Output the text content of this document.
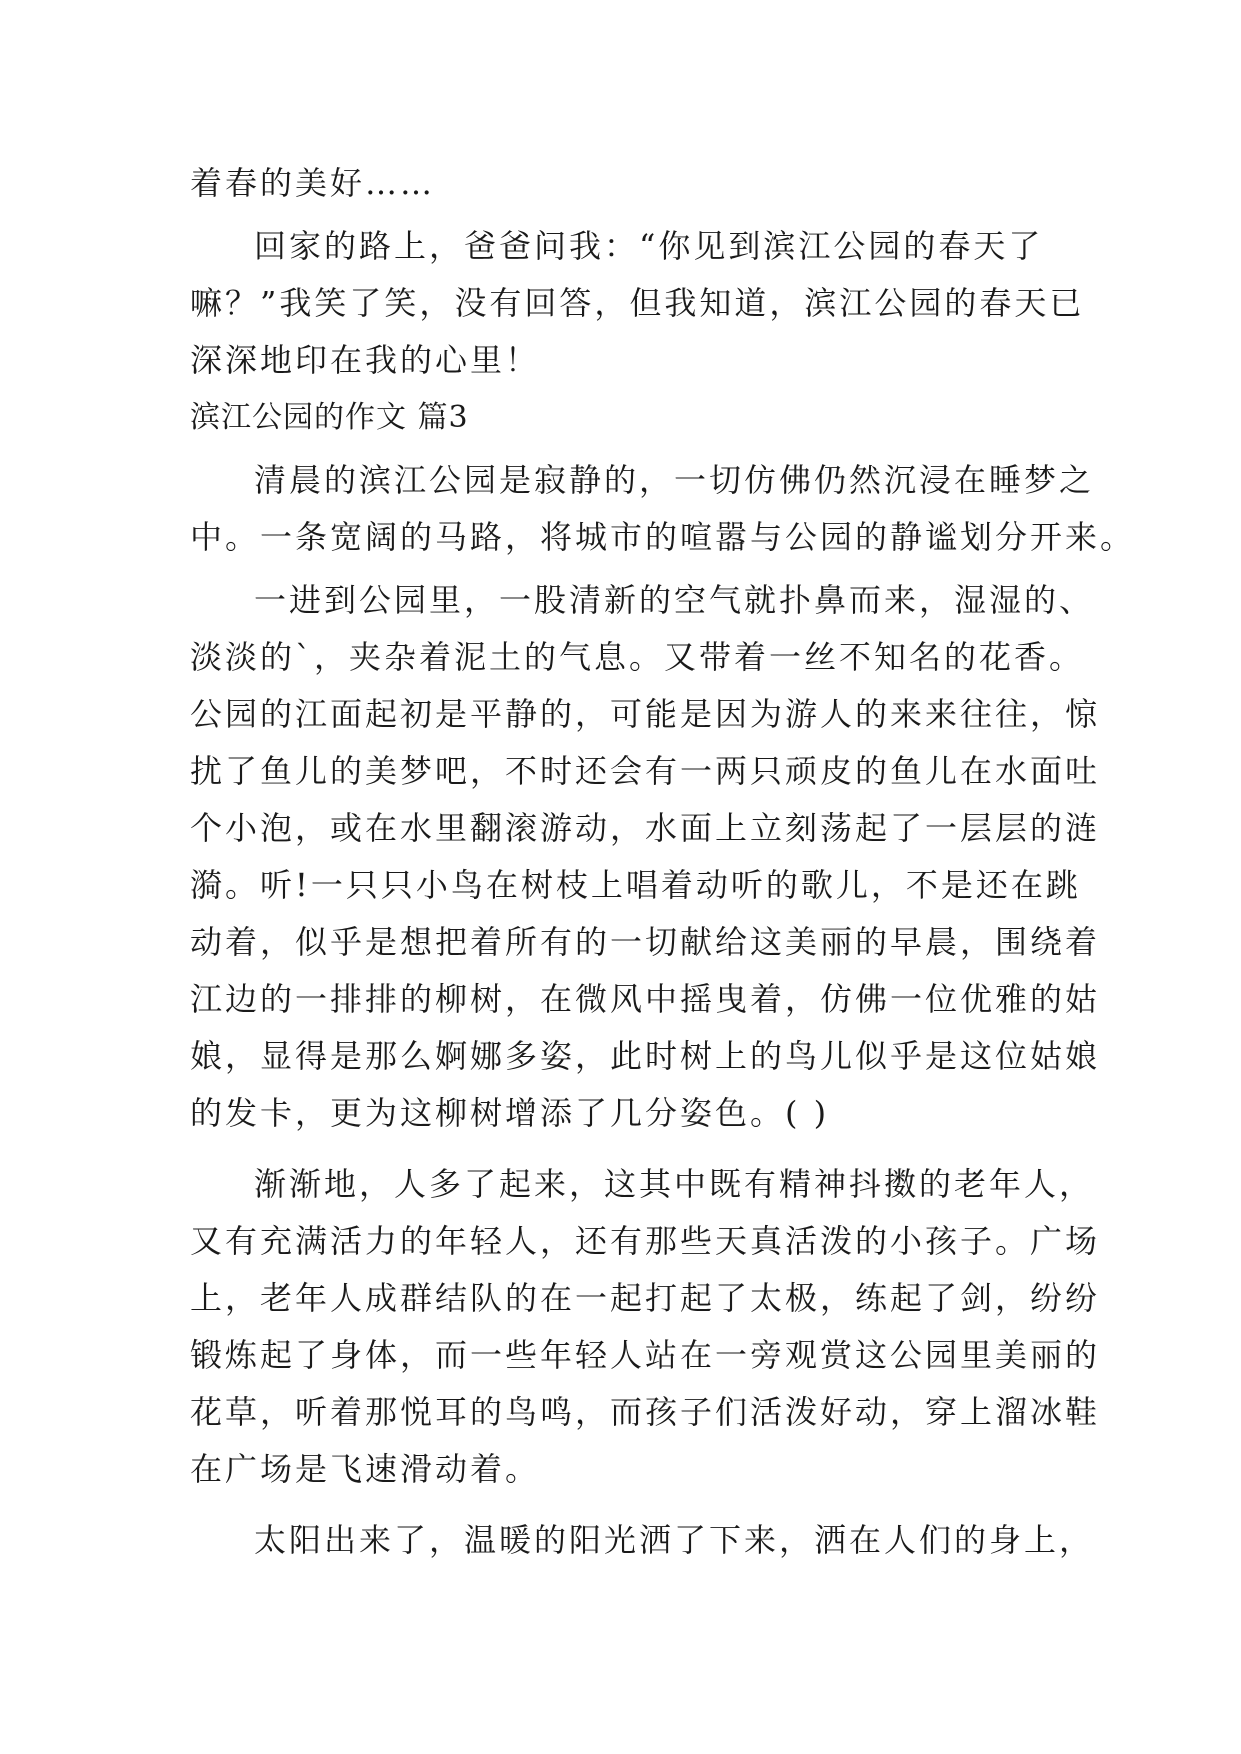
着春的美好……
回家的路上，爸爸问我：“你见到滨江公园的春天了
嘛？”我笑了笑，没有回答，但我知道，滨江公园的春天已
深深地印在我的心里！
滨江公园的作文 篇3
清晨的滨江公园是寂静的，一切仿佛仍然沉浸在睡梦之
中。一条宽阔的马路，将城市的喧嚣与公园的静谧划分开来。
一进到公园里，一股清新的空气就扑鼻而来，湿湿的、
淡淡的`，夹杂着泥土的气息。又带着一丝不知名的花香。
公园的江面起初是平静的，可能是因为游人的来来往往，惊
扰了鱼儿的美梦吧，不时还会有一两只顽皮的鱼儿在水面吐
个小泡，或在水里翻滚游动，水面上立刻荡起了一层层的涟
漪。听!一只只小鸟在树枝上唱着动听的歌儿，不是还在跳
动着，似乎是想把着所有的一切献给这美丽的早晨，围绕着
江边的一排排的柳树，在微风中摇曳着，仿佛一位优雅的姑
娘，显得是那么婀娜多姿，此时树上的鸟儿似乎是这位姑娘
的发卡，更为这柳树增添了几分姿色。( )
渐渐地，人多了起来，这其中既有精神抖擞的老年人，
又有充满活力的年轻人，还有那些天真活泼的小孩子。广场
上，老年人成群结队的在一起打起了太极，练起了剑，纷纷
锻炼起了身体，而一些年轻人站在一旁观赏这公园里美丽的
花草，听着那悦耳的鸟鸣，而孩子们活泼好动，穿上溜冰鞋
在广场是飞速滑动着。
太阳出来了，温暖的阳光洒了下来，洒在人们的身上，
